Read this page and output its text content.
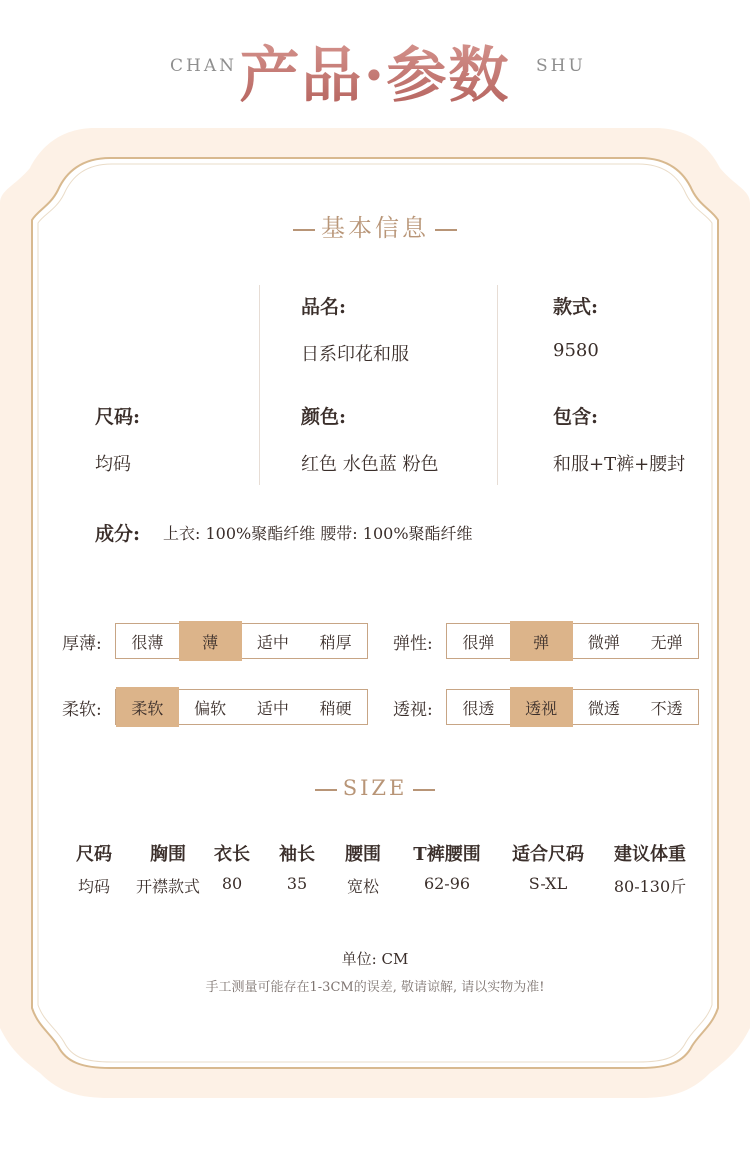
产品·参数	SHU
基本信息
品名:
日系印花和服
款式:
9580
尺码:
均码
颜色:
红色 水色蓝 粉色
包含:
和服+T裤+腰封
成分: 上衣: 100%聚酯纤维 腰带: 100%聚酯纤维
厚薄:	很薄	薄	适中	稍厚	弹性:	很弹	弹	微弹	无弹
柔软:	柔软	偏软	适中	稍硬	透视:	很透	透视	微透	不透
SIZE
尺码	胸围	衣长	袖长	腰围	T裤腰围	适合尺码	建议体重
均码	开襟款式	80	35	宽松	62-96	S-XL	80-130斤
单位: CM
手工测量可能存在1-3CM的误差, 敬请谅解, 请以实物为准!
